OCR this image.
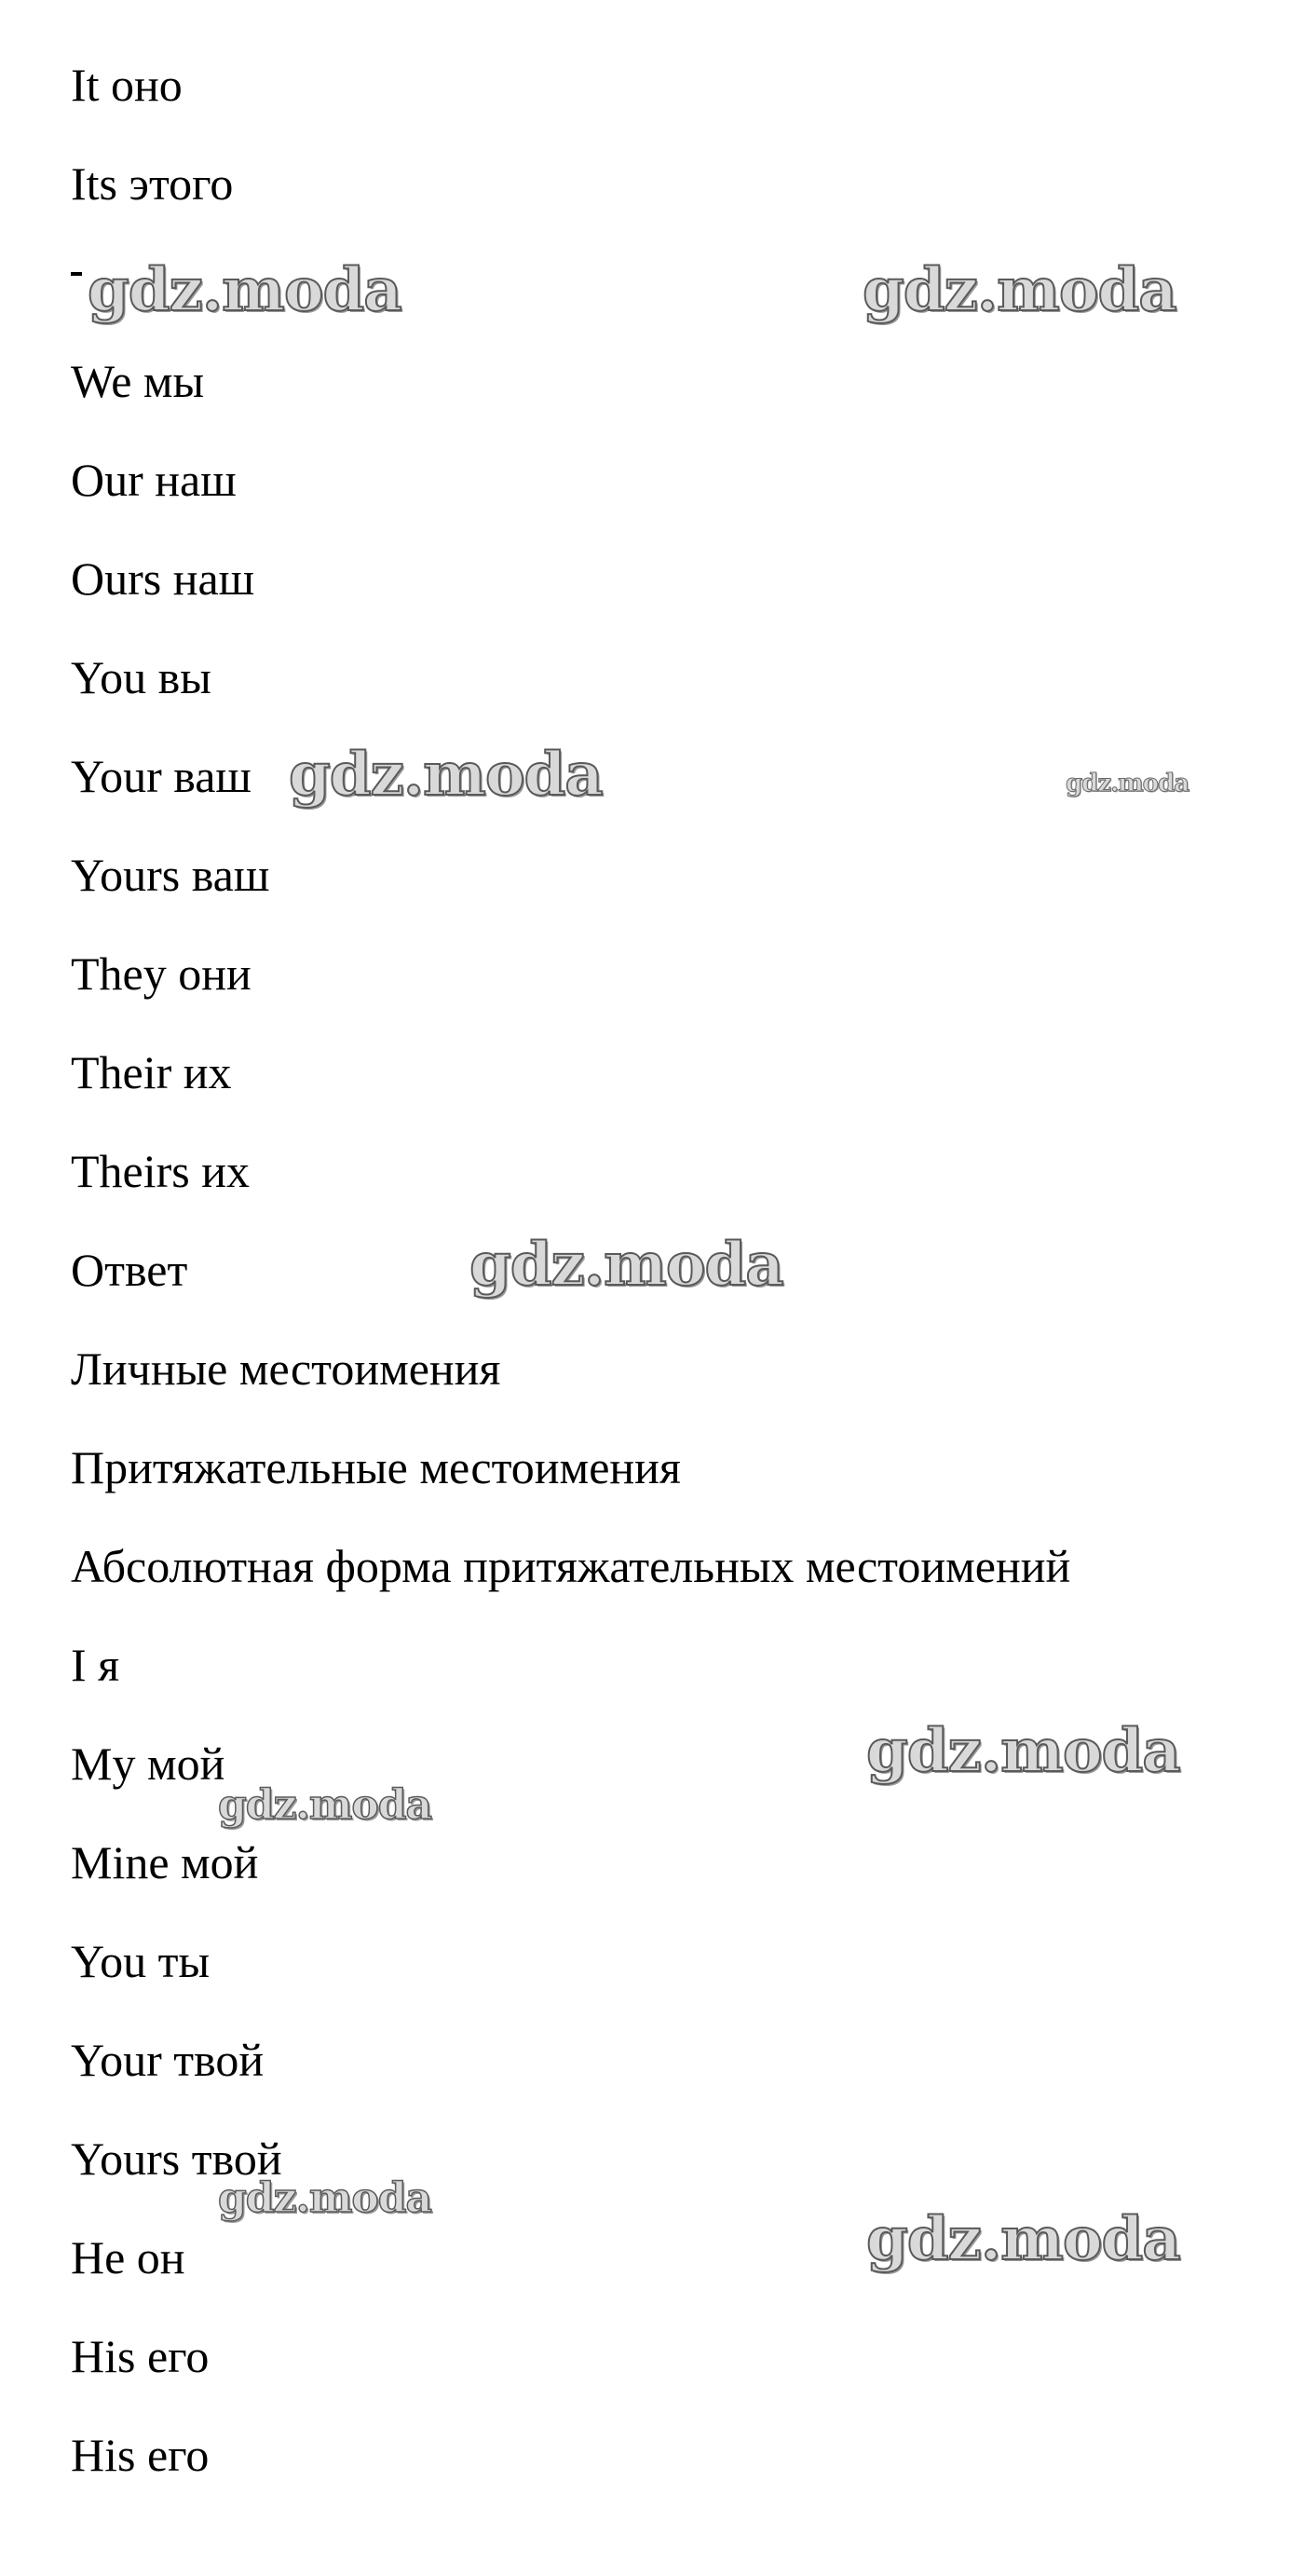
It оно
Its этого
We мы
Our наш
Ours наш
You вы
Your ваш
Yours ваш
They они
Their их
Theirs их
Ответ
Личные местоимения
Притяжательные местоимения
Абсолютная форма притяжательных местоимений
I я
My мой
Mine мой
You ты
Your твой
Yours твой
He он
His его
His его
gdz.moda	gdz.moda
gdz.moda	gdz.moda
gdz.moda
gdz.moda
gdz.moda
gdz.moda
gdz.moda
